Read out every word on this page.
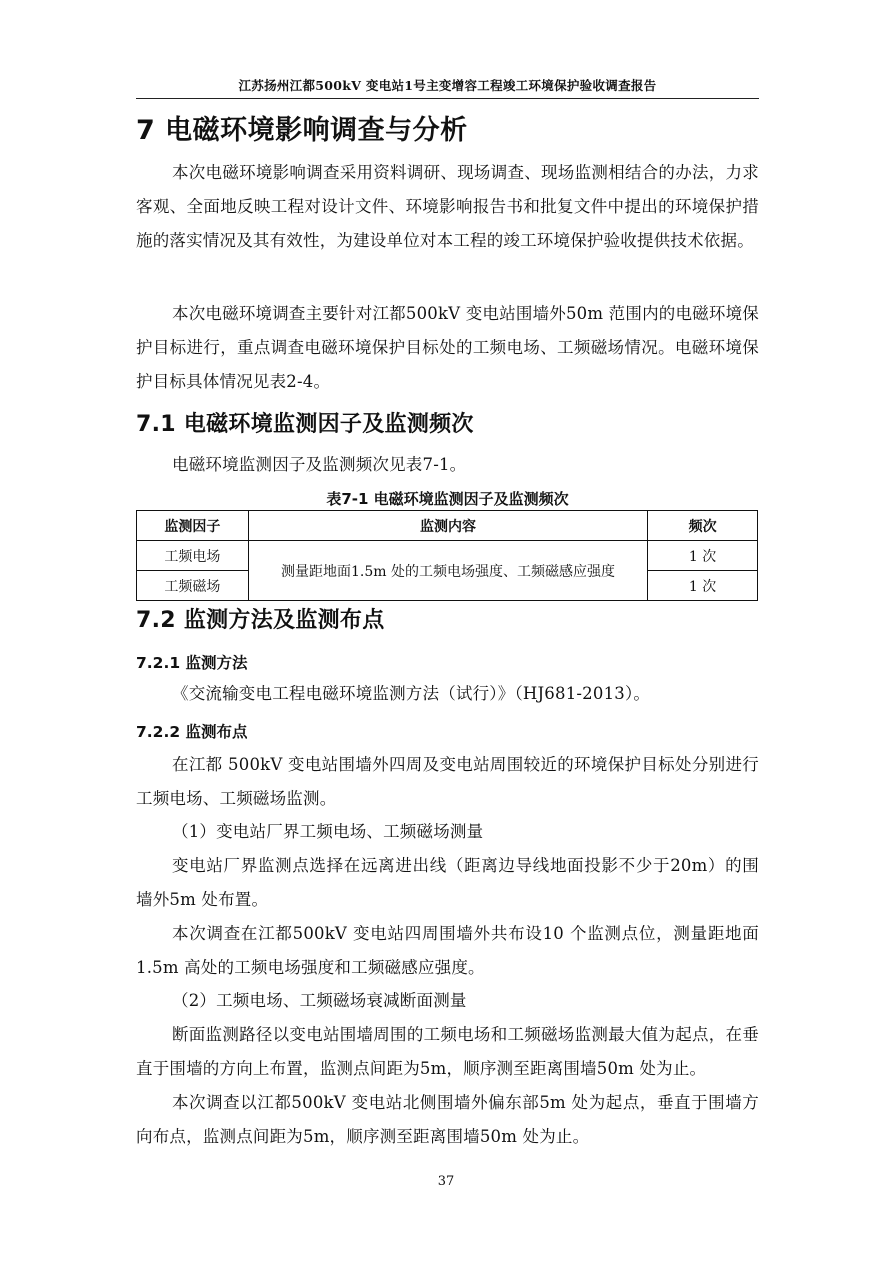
江苏扬州江都500kV 变电站1号主变增容工程竣工环境保护验收调查报告
7 电磁环境影响调查与分析

本次电磁环境影响调查采用资料调研、现场调查、现场监测相结合的办法，力求客观、全面地反映工程对设计文件、环境影响报告书和批复文件中提出的环境保护措施的落实情况及其有效性，为建设单位对本工程的竣工环境保护验收提供技术依据。

本次电磁环境调查主要针对江都500kV 变电站围墙外50m 范围内的电磁环境保护目标进行，重点调查电磁环境保护目标处的工频电场、工频磁场情况。电磁环境保护目标具体情况见表2-4。

7.1 电磁环境监测因子及监测频次

电磁环境监测因子及监测频次见表7-1。

表7-1 电磁环境监测因子及监测频次
监测因子	监测内容	频次
工频电场	测量距地面1.5m 处的工频电场强度、工频磁感应强度	1 次
工频磁场		1 次
7.2 监测方法及监测布点
7.2.1 监测方法

《交流输变电工程电磁环境监测方法（试行）》（HJ681-2013）。

7.2.2 监测布点

在江都 500kV 变电站围墙外四周及变电站周围较近的环境保护目标处分别进行工频电场、工频磁场监测。

（1）变电站厂界工频电场、工频磁场测量

变电站厂界监测点选择在远离进出线（距离边导线地面投影不少于20m）的围墙外5m 处布置。

本次调查在江都500kV 变电站四周围墙外共布设10 个监测点位，测量距地面1.5m 高处的工频电场强度和工频磁感应强度。

（2）工频电场、工频磁场衰减断面测量

断面监测路径以变电站围墙周围的工频电场和工频磁场监测最大值为起点，在垂直于围墙的方向上布置，监测点间距为5m，顺序测至距离围墙50m 处为止。

本次调查以江都500kV 变电站北侧围墙外偏东部5m 处为起点，垂直于围墙方向布点，监测点间距为5m，顺序测至距离围墙50m 处为止。

37
